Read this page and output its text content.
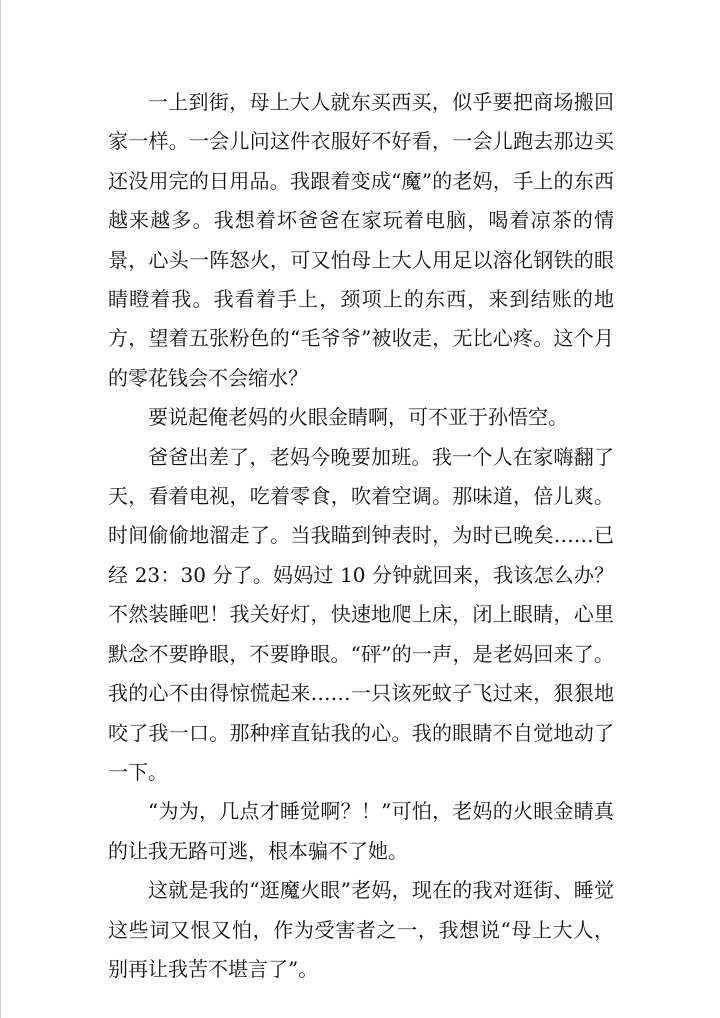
一上到街，母上大人就东买西买，似乎要把商场搬回家一样。一会儿问这件衣服好不好看，一会儿跑去那边买还没用完的日用品。我跟着变成“魔”的老妈，手上的东西越来越多。我想着坏爸爸在家玩着电脑，喝着凉茶的情景，心头一阵怒火，可又怕母上大人用足以溶化钢铁的眼睛瞪着我。我看着手上，颈项上的东西，来到结账的地方，望着五张粉色的“毛爷爷”被收走，无比心疼。这个月的零花钱会不会缩水？

要说起俺老妈的火眼金睛啊，可不亚于孙悟空。

爸爸出差了，老妈今晚要加班。我一个人在家嗨翻了天，看着电视，吃着零食，吹着空调。那味道，倍儿爽。时间偷偷地溜走了。当我瞄到钟表时，为时已晚矣……已经 23：30 分了。妈妈过 10 分钟就回来，我该怎么办？不然装睡吧！我关好灯，快速地爬上床，闭上眼睛，心里默念不要睁眼，不要睁眼。“砰”的一声，是老妈回来了。我的心不由得惊慌起来……一只该死蚊子飞过来，狠狠地咬了我一口。那种痒直钻我的心。我的眼睛不自觉地动了一下。

“为为，几点才睡觉啊？！”可怕，老妈的火眼金睛真的让我无路可逃，根本骗不了她。

这就是我的“逛魔火眼”老妈，现在的我对逛街、睡觉这些词又恨又怕，作为受害者之一，我想说“母上大人，别再让我苦不堪言了”。
